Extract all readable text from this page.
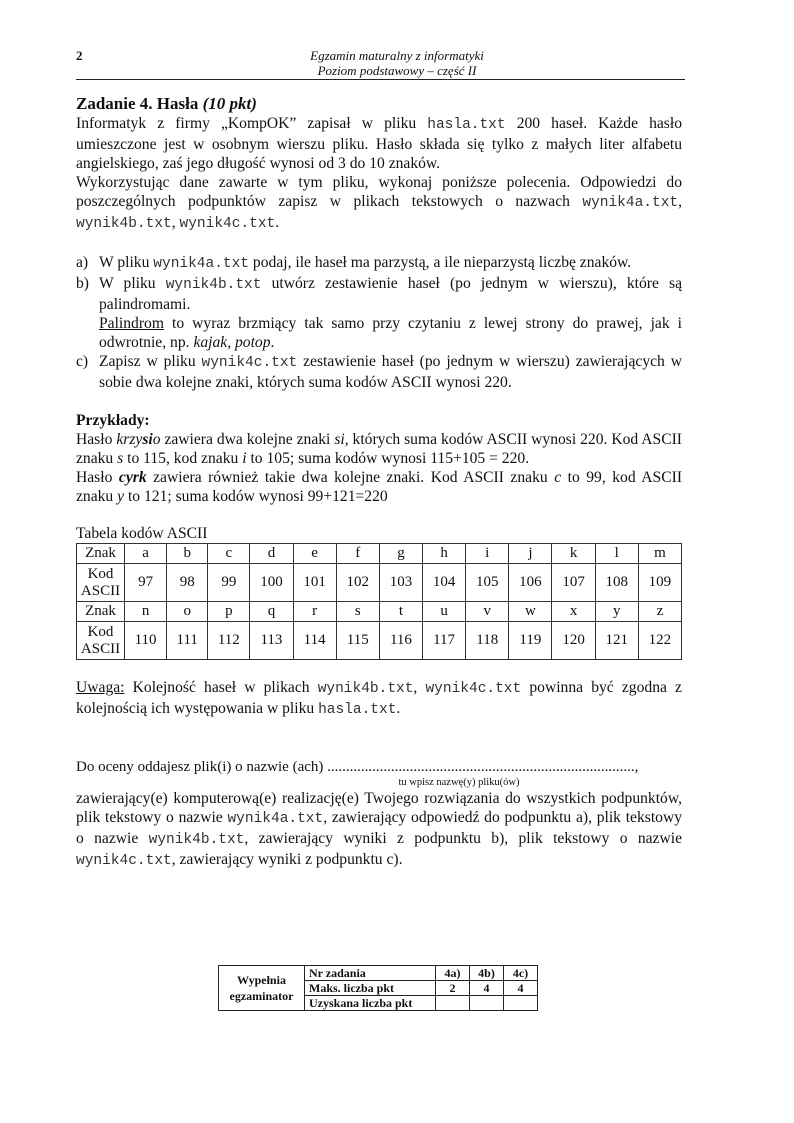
2	Egzamin maturalny z informatyki
Poziom podstawowy – część II
Zadanie 4. Hasła (10 pkt)

Informatyk z firmy „KompOK” zapisał w pliku hasla.txt 200 haseł. Każde hasło umieszczone jest w osobnym wierszu pliku. Hasło składa się tylko z małych liter alfabetu angielskiego, zaś jego długość wynosi od 3 do 10 znaków.

Wykorzystując dane zawarte w tym pliku, wykonaj poniższe polecenia. Odpowiedzi do poszczególnych podpunktów zapisz w plikach tekstowych o nazwach wynik4a.txt, wynik4b.txt, wynik4c.txt.

a) W pliku wynik4a.txt podaj, ile haseł ma parzystą, a ile nieparzystą liczbę znaków.
b) W pliku wynik4b.txt utwórz zestawienie haseł (po jednym w wierszu), które są palindromami.
Palindrom to wyraz brzmiący tak samo przy czytaniu z lewej strony do prawej, jak i odwrotnie, np. kajak, potop.
c) Zapisz w pliku wynik4c.txt zestawienie haseł (po jednym w wierszu) zawierających w sobie dwa kolejne znaki, których suma kodów ASCII wynosi 220.

Przykłady:

Hasło krzysio zawiera dwa kolejne znaki si, których suma kodów ASCII wynosi 220. Kod ASCII znaku s to 115, kod znaku i to 105; suma kodów wynosi 115+105 = 220.

Hasło cyrk zawiera również takie dwa kolejne znaki. Kod ASCII znaku c to 99, kod ASCII znaku y to 121; suma kodów wynosi 99+121=220

Tabela kodów ASCII

Znak	a	b	c	d	e	f	g	h	i	j	k	l	m
Kod ASCII	97	98	99	100	101	102	103	104	105	106	107	108	109
Znak	n	o	p	q	r	s	t	u	v	w	x	y	z
Kod ASCII	110	111	112	113	114	115	116	117	118	119	120	121	122

Uwaga: Kolejność haseł w plikach wynik4b.txt, wynik4c.txt powinna być zgodna z kolejnością ich występowania w pliku hasla.txt.

Do oceny oddajesz plik(i) o nazwie (ach) ..................................................................................,

tu wpisz nazwę(y) pliku(ów)

zawierający(e) komputerową(e) realizację(e) Twojego rozwiązania do wszystkich podpunktów, plik tekstowy o nazwie wynik4a.txt, zawierający odpowiedź do podpunktu a), plik tekstowy o nazwie wynik4b.txt, zawierający wyniki z podpunktu b), plik tekstowy o nazwie wynik4c.txt, zawierający wyniki z podpunktu c).

Wypełnia egzaminator	Nr zadania	4a)	4b)	4c)
	Maks. liczba pkt	2	4	4
	Uzyskana liczba pkt			
